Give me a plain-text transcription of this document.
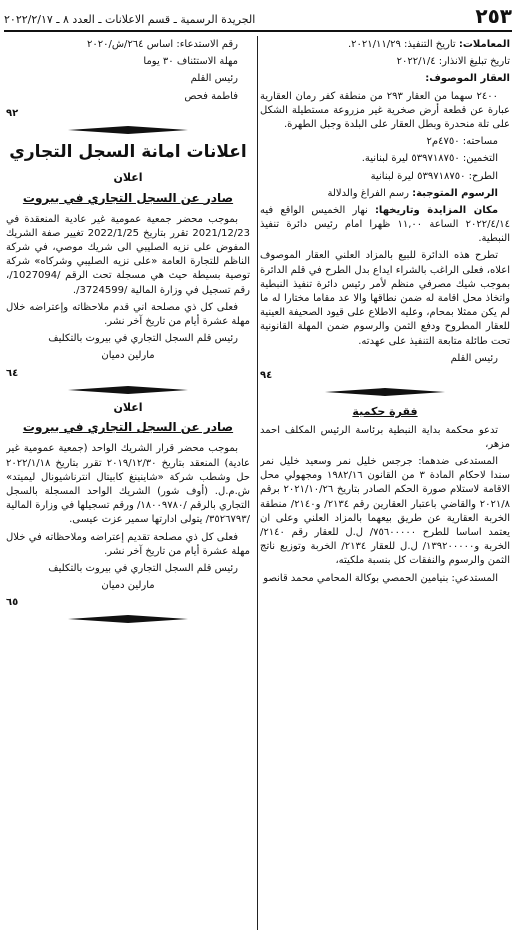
٢٥٣
الجريدة الرسمية ـ قسم الاعلانات ـ العدد ٨ ـ ٢٠٢٢/٢/١٧

المعاملات: تاريخ التنفيذ: ٢٠٢١/١١/٢٩.

تاريخ تبليغ الانذار: ٢٠٢٢/١/٤

العقار الموصوف:

٢٤٠٠ سهما من العقار ٢٩٣ من منطقة كفر رمان العقارية عبارة عن قطعة أرض صخرية غير مزروعة مستطيلة الشكل على تلة منحدرة وبطل العقار على البلدة وجبل الطهرة.

مساحته: ٤٧٥٠م٢

التخمين: ٥٣٩٧١٨٧٥٠ ليرة لبنانية.

الطرح: ٥٣٩٧١٨٧٥٠ ليرة لبنانية

الرسوم المتوجبة: رسم الفراغ والدلالة

مكان المزايدة وتاريخها: نهار الخميس الواقع فيه ٢٠٢٢/٤/١٤ الساعة ١١,٠٠ ظهرا امام رئيس دائرة تنفيذ النبطية.

تطرح هذه الدائرة للبيع بالمزاد العلني العقار الموصوف اعلاه، فعلى الراغب بالشراء ايداع بدل الطرح في قلم الدائرة بموجب شيك مصرفي منظم لأمر رئيس دائرة تنفيذ النبطية واتخاذ محل اقامة له ضمن نطاقها والا عد مقاما مختارا له ما لم يكن ممثلا بمحام، وعليه الاطلاع على قيود الصحيفة العينية للعقار المطروح ودفع الثمن والرسوم ضمن المهلة القانونية تحت طائلة متابعة التنفيذ على عهدته.

رئيس القلم

٩٤

فقرة حكمية

تدعو محكمة بداية النبطية برئاسة الرئيس المكلف احمد مزهر،

المستدعى ضدهما: جرجس خليل نمر وسعيد خليل نمر سندا لاحكام المادة ٣ من القانون ١٩٨٢/١٦ ومجهولي محل الاقامة لاستلام صورة الحكم الصادر بتاريخ ٢٠٢١/١٠/٢٦ برقم ٢٠٢١/٨ والقاضي باعتبار العقارين رقم ٢١٣٤/ و٢١٤٠/ منطقة الخربة العقارية عن طريق بيعهما بالمزاد العلني وعلى ان يعتمد اساسا للطرح ٧٥٦٠٠٠٠٠/ ل.ل للعقار رقم ٢١٤٠/ الخربة و١٣٩٢٠٠٠٠٠/ ل.ل للعقار ٢١٣٤/ الخربة وتوزيع ناتج الثمن والرسوم والنفقات كل بنسبة ملكيته،

المستدعي: بنيامين الحمصي بوكالة المحامي محمد قانصو

رقم الاستدعاء: اساس ٢٦٤/ش/٢٠٢٠

مهلة الاستئناف ٣٠ يوما

رئيس القلم

فاطمة فحص

٩٢

اعلانات امانة السجل التجاري

اعلان

صادر عن السجل التجاري في بيروت

بموجب محضر جمعية عمومية غير عادية المنعقدة في 2021/12/23 تقرر بتاريخ 2022/1/25 تغيير صفة الشريك المفوض على نزيه الصليبي الى شريك موصي، في شركة الناظم للتجارة العامة «على نزيه الصليبي وشركاه» شركة توصية بسيطة حيث هي مسجلة تحت الرقم /1027094/، رقم تسجيل في وزارة المالية /3724599/.

فعلى كل ذي مصلحة اني قدم ملاحظاته وإعتراضه خلال مهلة عشرة أيام من تاريخ آخر نشر.

رئيس قلم السجل التجاري في بيروت بالتكليف

مارلين دميان

٦٤

اعلان

صادر عن السجل التجاري في بيروت

بموجب محضر قرار الشريك الواحد (جمعية عمومية غير عادية) المنعقد بتاريخ ٢٠١٩/١٢/٣٠ تقرر بتاريخ ٢٠٢٢/١/١٨ حل وشطب شركة «شاينينغ كابيتال انترناشيونال ليميتد» ش.م.ل. (أوف شور) الشريك الواحد المسجلة بالسجل التجاري بالرقم /١٨٠٠٩٧٨٠/ ورقم تسجيلها في وزارة المالية /٣٥٢٦٧٩٣/ يتولى ادارتها سمير عزت عيسى.

فعلى كل ذي مصلحة تقديم إعتراضه وملاحظاته في خلال مهلة عشرة أيام من تاريخ آخر نشر.

رئيس قلم السجل التجاري في بيروت بالتكليف

مارلين دميان

٦٥
